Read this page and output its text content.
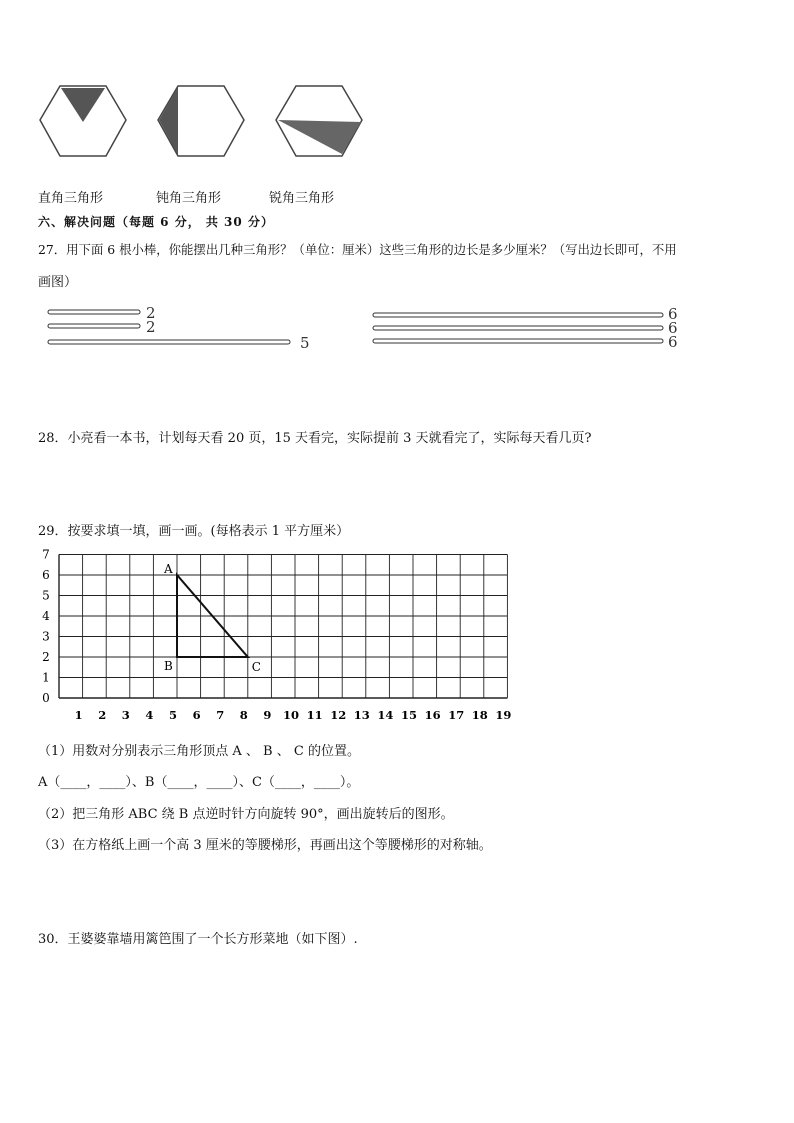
直角三角形	钝角三角形	锐角三角形
六、解决问题（每题 6 分， 共 30 分）
27．用下面 6 根小棒，你能摆出几种三角形？（单位：厘米）这些三角形的边长是多少厘米？（写出边长即可，不用
画图）
2
2
5
6
6
6
28．小亮看一本书，计划每天看 20 页，15 天看完，实际提前 3 天就看完了，实际每天看几页?
29．按要求填一填，画一画。(每格表示 1 平方厘米）
0
1
2
3
4
5
6
7
1 2 3 4 5 6 7 8 9 10 11 12 13 14 15 16 17 18 19
A
B	C
（1）用数对分别表示三角形顶点 A 、 B 、 C 的位置。
A（____，____）、B（____，____）、C（____，____）。
（2）把三角形 ABC 绕 B 点逆时针方向旋转 90°，画出旋转后的图形。
（3）在方格纸上画一个高 3 厘米的等腰梯形，再画出这个等腰梯形的对称轴。
30．王婆婆靠墙用篱笆围了一个长方形菜地（如下图）.
